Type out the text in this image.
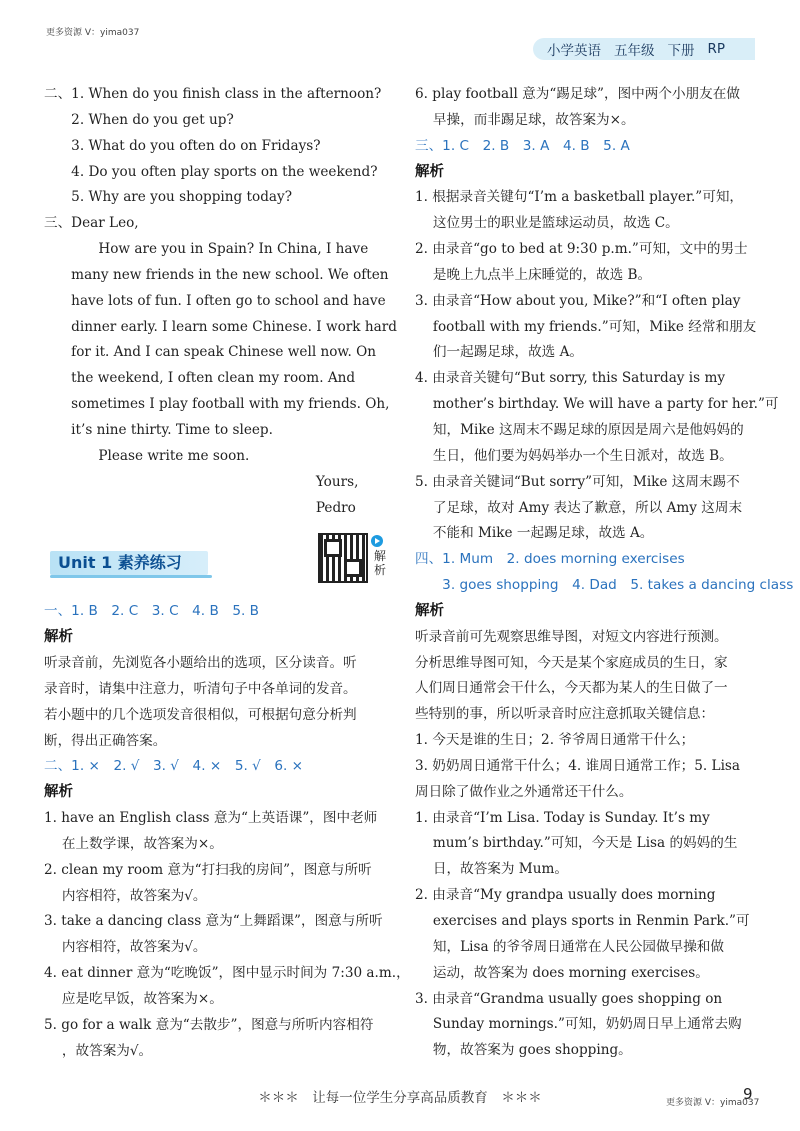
更多资源 V：yima037
小学英语 五年级 下册 RP
二、1. When do you finish class in the afternoon?
　　2. When do you get up?
　　3. What do you often do on Fridays?
　　4. Do you often play sports on the weekend?
　　5. Why are you shopping today?
三、Dear Leo,
　　　　How are you in Spain? In China, I have
　　many new friends in the new school. We often
　　have lots of fun. I often go to school and have
　　dinner early. I learn some Chinese. I work hard
　　for it. And I can speak Chinese well now. On
　　the weekend, I often clean my room. And
　　sometimes I play football with my friends. Oh,
　　it’s nine thirty. Time to sleep.
　　　　Please write me soon.
　　　　　　　　　　　　　　　　　　　　Yours,
　　　　　　　　　　　　　　　　　　　　Pedro
Unit 1 素养练习	解析
一、1. B　2. C　3. C　4. B　5. B
解析
听录音前，先浏览各小题给出的选项，区分读音。听
录音时，请集中注意力，听清句子中各单词的发音。
若小题中的几个选项发音很相似，可根据句意分析判
断，得出正确答案。
二、1. ×　2. √　3. √　4. ×　5. √　6. ×
解析
1. have an English class 意为“上英语课”，图中老师
　 在上数学课，故答案为×。
2. clean my room 意为“打扫我的房间”，图意与所听
　 内容相符，故答案为√。
3. take a dancing class 意为“上舞蹈课”，图意与所听
　 内容相符，故答案为√。
4. eat dinner 意为“吃晚饭”，图中显示时间为 7:30 a.m.，
　 应是吃早饭，故答案为×。
5. go for a walk 意为“去散步”，图意与所听内容相符
　 ，故答案为√。
6. play football 意为“踢足球”，图中两个小朋友在做
　 早操，而非踢足球，故答案为×。
三、1. C　2. B　3. A　4. B　5. A
解析
1. 根据录音关键句“I’m a basketball player.”可知，
　 这位男士的职业是篮球运动员，故选 C。
2. 由录音“go to bed at 9:30 p.m.”可知，文中的男士
　 是晚上九点半上床睡觉的，故选 B。
3. 由录音“How about you, Mike?”和“I often play
　 football with my friends.”可知，Mike 经常和朋友
　 们一起踢足球，故选 A。
4. 由录音关键句“But sorry, this Saturday is my
　 mother’s birthday. We will have a party for her.”可
　 知，Mike 这周末不踢足球的原因是周六是他妈妈的
　 生日，他们要为妈妈举办一个生日派对，故选 B。
5. 由录音关键词“But sorry”可知，Mike 这周末踢不
　 了足球，故对 Amy 表达了歉意，所以 Amy 这周末
　 不能和 Mike 一起踢足球，故选 A。
四、1. Mum　2. does morning exercises
　　3. goes shopping　4. Dad　5. takes a dancing class
解析
听录音前可先观察思维导图，对短文内容进行预测。
分析思维导图可知，今天是某个家庭成员的生日，家
人们周日通常会干什么，今天都为某人的生日做了一
些特别的事，所以听录音时应注意抓取关键信息：
1. 今天是谁的生日；2. 爷爷周日通常干什么；
3. 奶奶周日通常干什么；4. 谁周日通常工作；5. Lisa
周日除了做作业之外通常还干什么。
1. 由录音“I’m Lisa. Today is Sunday. It’s my
　 mum’s birthday.”可知，今天是 Lisa 的妈妈的生
　 日，故答案为 Mum。
2. 由录音“My grandpa usually does morning
　 exercises and plays sports in Renmin Park.”可
　 知，Lisa 的爷爷周日通常在人民公园做早操和做
　 运动，故答案为 does morning exercises。
3. 由录音“Grandma usually goes shopping on
　 Sunday mornings.”可知，奶奶周日早上通常去购
　 物，故答案为 goes shopping。
＊＊＊　让每一位学生分享高品质教育　＊＊＊	更多资源 V：yima037
9
